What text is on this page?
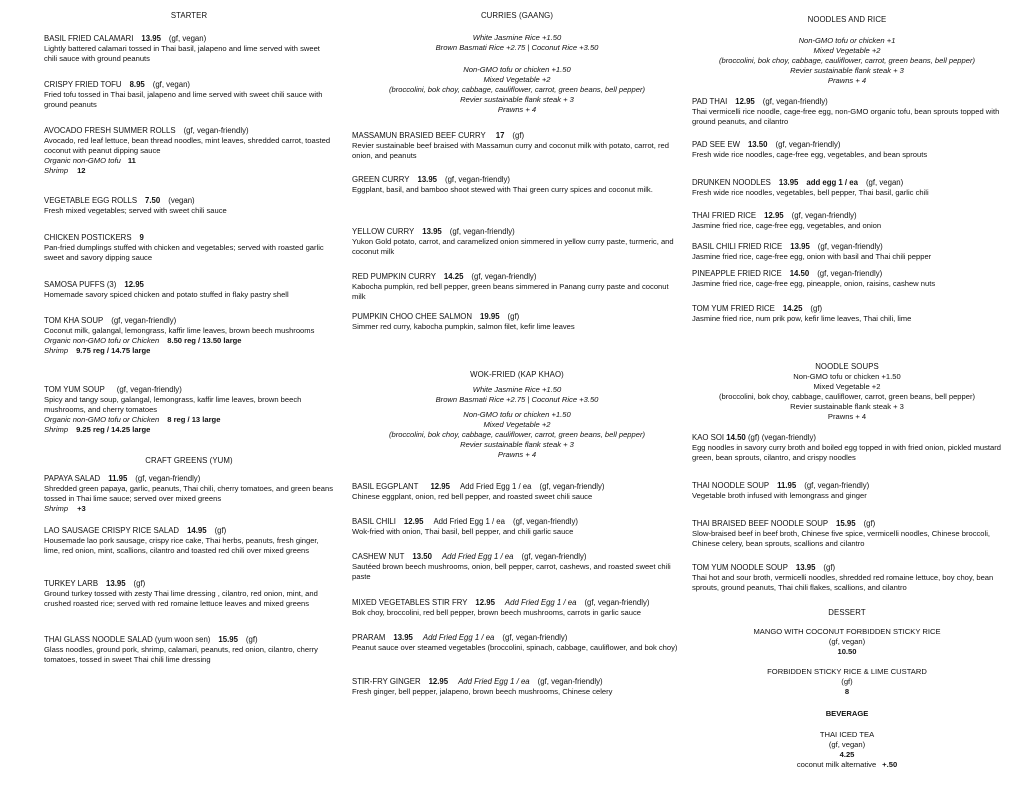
STARTER
BASIL FRIED CALAMARI 13.95 (gf, vegan)
Lightly battered calamari tossed in Thai basil, jalapeno and lime served with sweet chili sauce with ground peanuts
CRISPY FRIED TOFU 8.95 (gf, vegan)
Fried tofu tossed in Thai basil, jalapeno and lime served with sweet chili sauce with ground peanuts
AVOCADO FRESH SUMMER ROLLS (gf, vegan-friendly)
Avocado, red leaf lettuce, bean thread noodles, mint leaves, shredded carrot, toasted coconut with peanut dipping sauce
Organic non-GMO tofu 11
Shrimp 12
VEGETABLE EGG ROLLS 7.50 (vegan)
Fresh mixed vegetables; served with sweet chili sauce
CHICKEN POSTICKERS 9
Pan-fried dumplings stuffed with chicken and vegetables; served with roasted garlic sweet and savory dipping sauce
SAMOSA PUFFS (3) 12.95
Homemade savory spiced chicken and potato stuffed in flaky pastry shell
TOM KHA SOUP (gf, vegan-friendly)
Coconut milk, galangal, lemongrass, kaffir lime leaves, brown beech mushrooms
Organic non-GMO tofu or Chicken 8.50 reg / 13.50 large
Shrimp 9.75 reg / 14.75 large
TOM YUM SOUP (gf, vegan-friendly)
Spicy and tangy soup, galangal, lemongrass, kaffir lime leaves, brown beech mushrooms, and cherry tomatoes
Organic non-GMO tofu or Chicken 8 reg / 13 large
Shrimp 9.25 reg / 14.25 large
CRAFT GREENS (YUM)
PAPAYA SALAD 11.95 (gf, vegan-friendly)
Shredded green papaya, garlic, peanuts, Thai chili, cherry tomatoes, and green beans tossed in Thai lime sauce; served over mixed greens
Shrimp +3
LAO SAUSAGE CRISPY RICE SALAD 14.95 (gf)
Housemade lao pork sausage, crispy rice cake, Thai herbs, peanuts, fresh ginger, lime, red onion, mint, scallions, cilantro and toasted red chili over mixed greens
TURKEY LARB 13.95 (gf)
Ground turkey tossed with zesty Thai lime dressing , cilantro, red onion, mint, and crushed roasted rice; served with red romaine lettuce leaves and mixed greens
THAI GLASS NOODLE SALAD (yum woon sen) 15.95 (gf)
Glass noodles, ground pork, shrimp, calamari, peanuts, red onion, cilantro, cherry tomatoes, tossed in sweet Thai chili lime dressing
CURRIES (GAANG)
White Jasmine Rice +1.50
Brown Basmati Rice +2.75 | Coconut Rice +3.50
Non-GMO tofu or chicken +1.50
Mixed Vegetable +2
(broccolini, bok choy, cabbage, cauliflower, carrot, green beans, bell pepper)
Revier sustainable flank steak + 3
Prawns + 4
MASSAMUN BRASIED BEEF CURRY 17 (gf)
Revier sustainable beef braised with Massamun curry and coconut milk with potato, carrot, red onion, and peanuts
GREEN CURRY 13.95 (gf, vegan-friendly)
Eggplant, basil, and bamboo shoot stewed with Thai green curry spices and coconut milk.
YELLOW CURRY 13.95 (gf, vegan-friendly)
Yukon Gold potato, carrot, and caramelized onion simmered in yellow curry paste, turmeric, and coconut milk
RED PUMPKIN CURRY 14.25 (gf, vegan-friendly)
Kabocha pumpkin, red bell pepper, green beans simmered in Panang curry paste and coconut milk
PUMPKIN CHOO CHEE SALMON 19.95 (gf)
Simmer red curry, kabocha pumpkin, salmon filet, kefir lime leaves
WOK-FRIED (KAP KHAO)
White Jasmine Rice +1.50
Brown Basmati Rice +2.75 | Coconut Rice +3.50
Non-GMO tofu or chicken +1.50
Mixed Vegetable +2
(broccolini, bok choy, cabbage, cauliflower, carrot, green beans, bell pepper)
Revier sustainable flank steak + 3
Prawns + 4
BASIL EGGPLANT 12.95 Add Fried Egg 1 / ea (gf, vegan-friendly)
Chinese eggplant, onion, red bell pepper, and roasted sweet chili sauce
BASIL CHILI 12.95 Add Fried Egg 1 / ea (gf, vegan-friendly)
Wok-fried with onion, Thai basil, bell pepper, and chili garlic sauce
CASHEW NUT 13.50 Add Fried Egg 1 / ea (gf, vegan-friendly)
Sautéed brown beech mushrooms, onion, bell pepper, carrot, cashews, and roasted sweet chili paste
MIXED VEGETABLES STIR FRY 12.95 Add Fried Egg 1 / ea (gf, vegan-friendly)
Bok choy, broccolini, red bell pepper, brown beech mushrooms, carrots in garlic sauce
PRARAM 13.95 Add Fried Egg 1 / ea (gf, vegan-friendly)
Peanut sauce over steamed vegetables (broccolini, spinach, cabbage, cauliflower, and bok choy)
STIR-FRY GINGER 12.95 Add Fried Egg 1 / ea (gf, vegan-friendly)
Fresh ginger, bell pepper, jalapeno, brown beech mushrooms, Chinese celery
NOODLES AND RICE
Non-GMO tofu or chicken +1
Mixed Vegetable +2
(broccolini, bok choy, cabbage, cauliflower, carrot, green beans, bell pepper)
Revier sustainable flank steak + 3
Prawns + 4
PAD THAI 12.95 (gf, vegan-friendly)
Thai vermicelli rice noodle, cage-free egg, non-GMO organic tofu, bean sprouts topped with ground peanuts, and cilantro
PAD SEE EW 13.50 (gf, vegan-friendly)
Fresh wide rice noodles, cage-free egg, vegetables, and bean sprouts
DRUNKEN NOODLES 13.95 add egg 1 / ea (gf, vegan)
Fresh wide rice noodles, vegetables, bell pepper, Thai basil, garlic chili
THAI FRIED RICE 12.95 (gf, vegan-friendly)
Jasmine fried rice, cage-free egg, vegetables, and onion
BASIL CHILI FRIED RICE 13.95 (gf, vegan-friendly)
Jasmine fried rice, cage-free egg, onion with basil and Thai chili pepper
PINEAPPLE FRIED RICE 14.50 (gf, vegan-friendly)
Jasmine fried rice, cage-free egg, pineapple, onion, raisins, cashew nuts
TOM YUM FRIED RICE 14.25 (gf)
Jasmine fried rice, num prik pow, kefir lime leaves, Thai chili, lime
NOODLE SOUPS
Non-GMO tofu or chicken +1.50
Mixed Vegetable +2
(broccolini, bok choy, cabbage, cauliflower, carrot, green beans, bell pepper)
Revier sustainable flank steak + 3
Prawns + 4
KAO SOI 14.50 (gf) (vegan-friendly)
Egg noodles in savory curry broth and boiled egg topped in with fried onion, pickled mustard green, bean sprouts, cilantro, and crispy noodles
THAI NOODLE SOUP 11.95 (gf, vegan-friendly)
Vegetable broth infused with lemongrass and ginger
THAI BRAISED BEEF NOODLE SOUP 15.95 (gf)
Slow-braised beef in beef broth, Chinese five spice, vermicelli noodles, Chinese broccoli, Chinese celery, bean sprouts, scallions and cilantro
TOM YUM NOODLE SOUP 13.95 (gf)
Thai hot and sour broth, vermicelli noodles, shredded red romaine lettuce, boy choy, bean sprouts, ground peanuts, Thai chili flakes, scallions, and cilantro
DESSERT
MANGO WITH COCONUT FORBIDDEN STICKY RICE
(gf, vegan)
10.50
FORBIDDEN STICKY RICE & LIME CUSTARD
(gf)
8
BEVERAGE
THAI ICED TEA
(gf, vegan)
4.25
coconut milk alternative +.50
